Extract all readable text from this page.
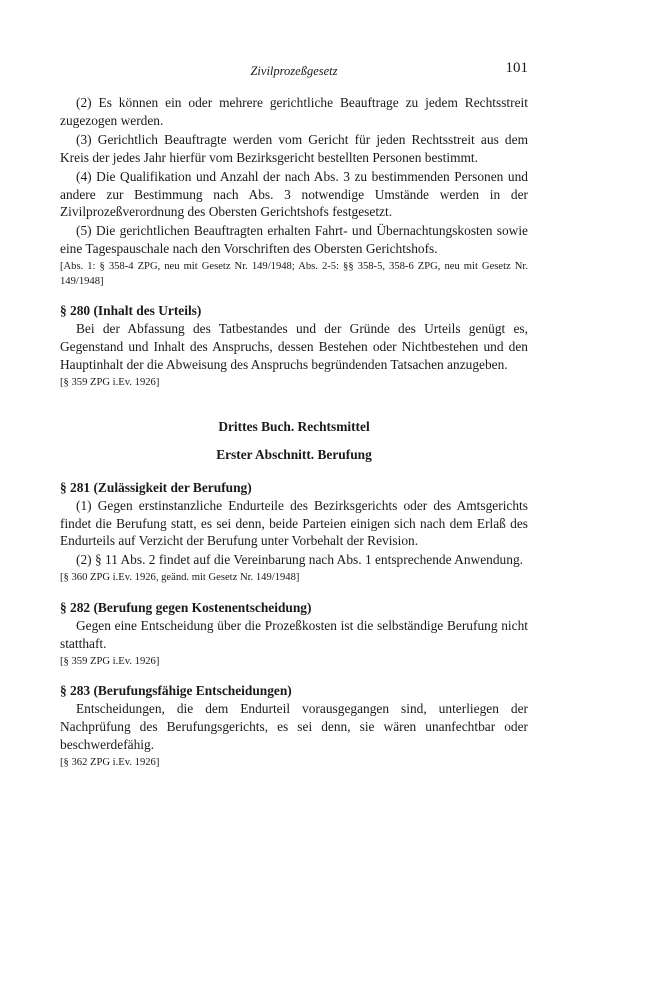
Zivilprozeßgesetz	101

(2) Es können ein oder mehrere gerichtliche Beauftrage zu jedem Rechtsstreit zugezogen werden.

(3) Gerichtlich Beauftragte werden vom Gericht für jeden Rechtsstreit aus dem Kreis der jedes Jahr hierfür vom Bezirksgericht bestellten Personen bestimmt.

(4) Die Qualifikation und Anzahl der nach Abs. 3 zu bestimmenden Personen und andere zur Bestimmung nach Abs. 3 notwendige Umstände werden in der Zivilprozeßverordnung des Obersten Gerichtshofs festgesetzt.

(5) Die gerichtlichen Beauftragten erhalten Fahrt- und Übernachtungskosten sowie eine Tagespauschale nach den Vorschriften des Obersten Gerichtshofs.

[Abs. 1: § 358-4 ZPG, neu mit Gesetz Nr. 149/1948; Abs. 2-5: §§ 358-5, 358-6 ZPG, neu mit Gesetz Nr. 149/1948]

§ 280 (Inhalt des Urteils)

Bei der Abfassung des Tatbestandes und der Gründe des Urteils genügt es, Gegenstand und Inhalt des Anspruchs, dessen Bestehen oder Nichtbestehen und den Hauptinhalt der die Abweisung des Anspruchs begründenden Tatsachen anzugeben.

[§ 359 ZPG i.Ev. 1926]

Drittes Buch. Rechtsmittel
Erster Abschnitt. Berufung
§ 281 (Zulässigkeit der Berufung)

(1) Gegen erstinstanzliche Endurteile des Bezirksgerichts oder des Amtsgerichts findet die Berufung statt, es sei denn, beide Parteien einigen sich nach dem Erlaß des Endurteils auf Verzicht der Berufung unter Vorbehalt der Revision.

(2) § 11 Abs. 2 findet auf die Vereinbarung nach Abs. 1 entsprechende Anwendung.

[§ 360 ZPG i.Ev. 1926, geänd. mit Gesetz Nr. 149/1948]

§ 282 (Berufung gegen Kostenentscheidung)

Gegen eine Entscheidung über die Prozeßkosten ist die selbständige Berufung nicht statthaft.

[§ 359 ZPG i.Ev. 1926]

§ 283 (Berufungsfähige Entscheidungen)

Entscheidungen, die dem Endurteil vorausgegangen sind, unterliegen der Nachprüfung des Berufungsgerichts, es sei denn, sie wären unanfechtbar oder beschwerdefähig.

[§ 362 ZPG i.Ev. 1926]
